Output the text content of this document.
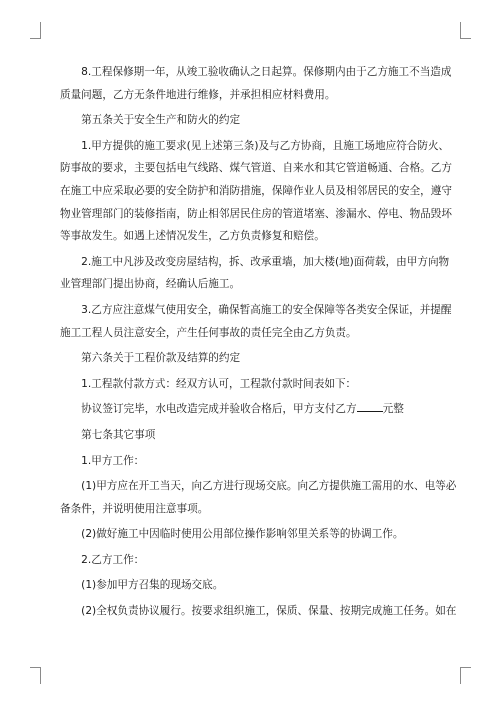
　　8.工程保修期一年，从竣工验收确认之日起算。保修期内由于乙方施工不当造成
质量问题，乙方无条件地进行维修，并承担相应材料费用。
　　第五条关于安全生产和防火的约定
　　1.甲方提供的施工要求(见上述第三条)及与乙方协商，且施工场地应符合防火、
防事故的要求，主要包括电气线路、煤气管道、自来水和其它管道畅通、合格。乙方
在施工中应采取必要的安全防护和消防措施，保障作业人员及相邻居民的安全，遵守
物业管理部门的装修指南，防止相邻居民住房的管道堵塞、渗漏水、停电、物品毁坏
等事故发生。如遇上述情况发生，乙方负责修复和赔偿。
　　2.施工中凡涉及改变房屋结构，拆、改承重墙，加大楼(地)面荷载，由甲方向物
业管理部门提出协商，经确认后施工。
　　3.乙方应注意煤气使用安全，确保暂高施工的安全保障等各类安全保证，并提醒
施工工程人员注意安全，产生任何事故的责任完全由乙方负责。
　　第六条关于工程价款及结算的约定
　　1.工程款付款方式：经双方认可，工程款付款时间表如下：
　　协议签订完毕，水电改造完成并验收合格后，甲方支付乙方 元整
　　第七条其它事项
　　1.甲方工作：
　　(1)甲方应在开工当天，向乙方进行现场交底。向乙方提供施工需用的水、电等必
备条件，并说明使用注意事项。
　　(2)做好施工中因临时使用公用部位操作影响邻里关系等的协调工作。
　　2.乙方工作：
　　(1)参加甲方召集的现场交底。
　　(2)全权负责协议履行。按要求组织施工，保质、保量、按期完成施工任务。如在
